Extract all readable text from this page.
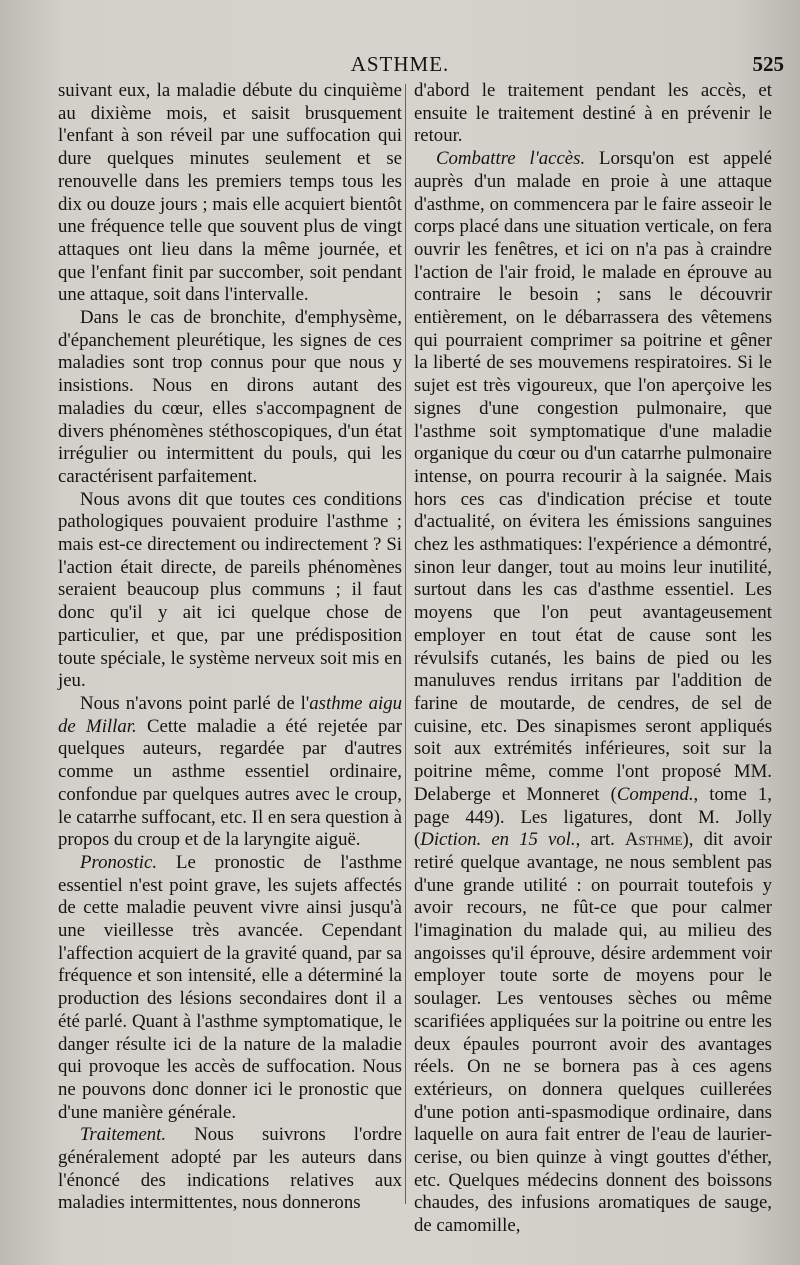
ASTHME.	525

suivant eux, la maladie débute du cinquième au dixième mois, et saisit brusquement l'enfant à son réveil par une suffocation qui dure quelques minutes seulement et se renouvelle dans les premiers temps tous les dix ou douze jours ; mais elle acquiert bientôt une fréquence telle que souvent plus de vingt attaques ont lieu dans la même journée, et que l'enfant finit par succomber, soit pendant une attaque, soit dans l'intervalle.

Dans le cas de bronchite, d'emphysème, d'épanchement pleurétique, les signes de ces maladies sont trop connus pour que nous y insistions. Nous en dirons autant des maladies du cœur, elles s'accompagnent de divers phénomènes stéthoscopiques, d'un état irrégulier ou intermittent du pouls, qui les caractérisent parfaitement.

Nous avons dit que toutes ces conditions pathologiques pouvaient produire l'asthme ; mais est-ce directement ou indirectement ? Si l'action était directe, de pareils phénomènes seraient beaucoup plus communs ; il faut donc qu'il y ait ici quelque chose de particulier, et que, par une prédisposition toute spéciale, le système nerveux soit mis en jeu.

Nous n'avons point parlé de l'asthme aigu de Millar. Cette maladie a été rejetée par quelques auteurs, regardée par d'autres comme un asthme essentiel ordinaire, confondue par quelques autres avec le croup, le catarrhe suffocant, etc. Il en sera question à propos du croup et de la laryngite aiguë.

Pronostic. Le pronostic de l'asthme essentiel n'est point grave, les sujets affectés de cette maladie peuvent vivre ainsi jusqu'à une vieillesse très avancée. Cependant l'affection acquiert de la gravité quand, par sa fréquence et son intensité, elle a déterminé la production des lésions secondaires dont il a été parlé. Quant à l'asthme symptomatique, le danger résulte ici de la nature de la maladie qui provoque les accès de suffocation. Nous ne pouvons donc donner ici le pronostic que d'une manière générale.

Traitement. Nous suivrons l'ordre généralement adopté par les auteurs dans l'énoncé des indications relatives aux maladies intermittentes, nous donnerons

d'abord le traitement pendant les accès, et ensuite le traitement destiné à en prévenir le retour.

Combattre l'accès. Lorsqu'on est appelé auprès d'un malade en proie à une attaque d'asthme, on commencera par le faire asseoir le corps placé dans une situation verticale, on fera ouvrir les fenêtres, et ici on n'a pas à craindre l'action de l'air froid, le malade en éprouve au contraire le besoin ; sans le découvrir entièrement, on le débarrassera des vêtemens qui pourraient comprimer sa poitrine et gêner la liberté de ses mouvemens respiratoires. Si le sujet est très vigoureux, que l'on aperçoive les signes d'une congestion pulmonaire, que l'asthme soit symptomatique d'une maladie organique du cœur ou d'un catarrhe pulmonaire intense, on pourra recourir à la saignée. Mais hors ces cas d'indication précise et toute d'actualité, on évitera les émissions sanguines chez les asthmatiques: l'expérience a démontré, sinon leur danger, tout au moins leur inutilité, surtout dans les cas d'asthme essentiel. Les moyens que l'on peut avantageusement employer en tout état de cause sont les révulsifs cutanés, les bains de pied ou les manuluves rendus irritans par l'addition de farine de moutarde, de cendres, de sel de cuisine, etc. Des sinapismes seront appliqués soit aux extrémités inférieures, soit sur la poitrine même, comme l'ont proposé MM. Delaberge et Monneret (Compend., tome 1, page 449). Les ligatures, dont M. Jolly (Diction. en 15 vol., art. Asthme), dit avoir retiré quelque avantage, ne nous semblent pas d'une grande utilité : on pourrait toutefois y avoir recours, ne fût-ce que pour calmer l'imagination du malade qui, au milieu des angoisses qu'il éprouve, désire ardemment voir employer toute sorte de moyens pour le soulager. Les ventouses sèches ou même scarifiées appliquées sur la poitrine ou entre les deux épaules pourront avoir des avantages réels. On ne se bornera pas à ces agens extérieurs, on donnera quelques cuillerées d'une potion anti-spasmodique ordinaire, dans laquelle on aura fait entrer de l'eau de laurier-cerise, ou bien quinze à vingt gouttes d'éther, etc. Quelques médecins donnent des boissons chaudes, des infusions aromatiques de sauge, de camomille,
